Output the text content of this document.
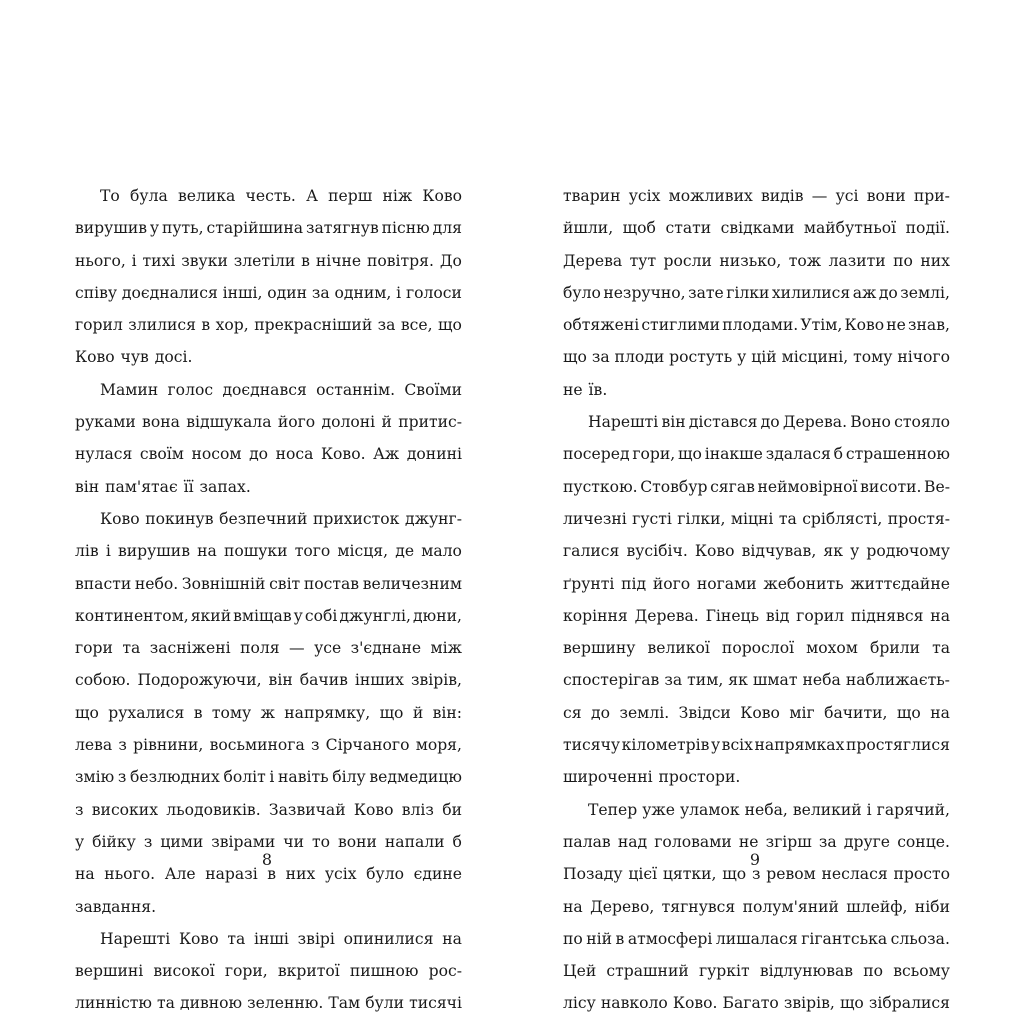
То була велика честь. А перш ніж Ково
вирушив у путь, старійшина затягнув пісню для
нього, і тихі звуки злетіли в нічне повітря. До
співу доєдналися інші, один за одним, і голоси
горил злилися в хор, прекрасніший за все, що
Ково чув досі.
Мамин голос доєднався останнім. Своїми
руками вона відшукала його долоні й притис-
нулася своїм носом до носа Ково. Аж донині
він пам'ятає її запах.
Ково покинув безпечний прихисток джунг-
лів і вирушив на пошуки того місця, де мало
впасти небо. Зовнішній світ постав величезним
континентом, який вміщав у собі джунглі, дюни,
гори та засніжені поля — усе з'єднане між
собою. Подорожуючи, він бачив інших звірів,
що рухалися в тому ж напрямку, що й він:
лева з рівнини, восьминога з Сірчаного моря,
змію з безлюдних боліт і навіть білу ведмедицю
з високих льодовиків. Зазвичай Ково вліз би
у бійку з цими звірами чи то вони напали б
на нього. Але наразі в них усіх було єдине
завдання.
Нарешті Ково та інші звірі опинилися на
вершині високої гори, вкритої пишною рос-
линністю та дивною зеленню. Там були тисячі
8
тварин усіх можливих видів — усі вони при-
йшли, щоб стати свідками майбутньої події.
Дерева тут росли низько, тож лазити по них
було незручно, зате гілки хилилися аж до землі,
обтяжені стиглими плодами. Утім, Ково не знав,
що за плоди ростуть у цій місцині, тому нічого
не їв.
Нарешті він дістався до Дерева. Воно стояло
посеред гори, що інакше здалася б страшенною
пусткою. Стовбур сягав неймовірної висоти. Ве-
личезні густі гілки, міцні та сріблясті, простя-
галися вусібіч. Ково відчував, як у родючому
ґрунті під його ногами жебонить життєдайне
коріння Дерева. Гінець від горил піднявся на
вершину великої порослої мохом брили та
спостерігав за тим, як шмат неба наближаєть-
ся до землі. Звідси Ково міг бачити, що на
тисячу кілометрів у всіх напрямках простяглися
широченні простори.
Тепер уже уламок неба, великий і гарячий,
палав над головами не згірш за друге сонце.
Позаду цієї цятки, що з ревом неслася просто
на Дерево, тягнувся полум'яний шлейф, ніби
по ній в атмосфері лишалася гігантська сльоза.
Цей страшний гуркіт відлунював по всьому
лісу навколо Ково. Багато звірів, що зібралися
9
